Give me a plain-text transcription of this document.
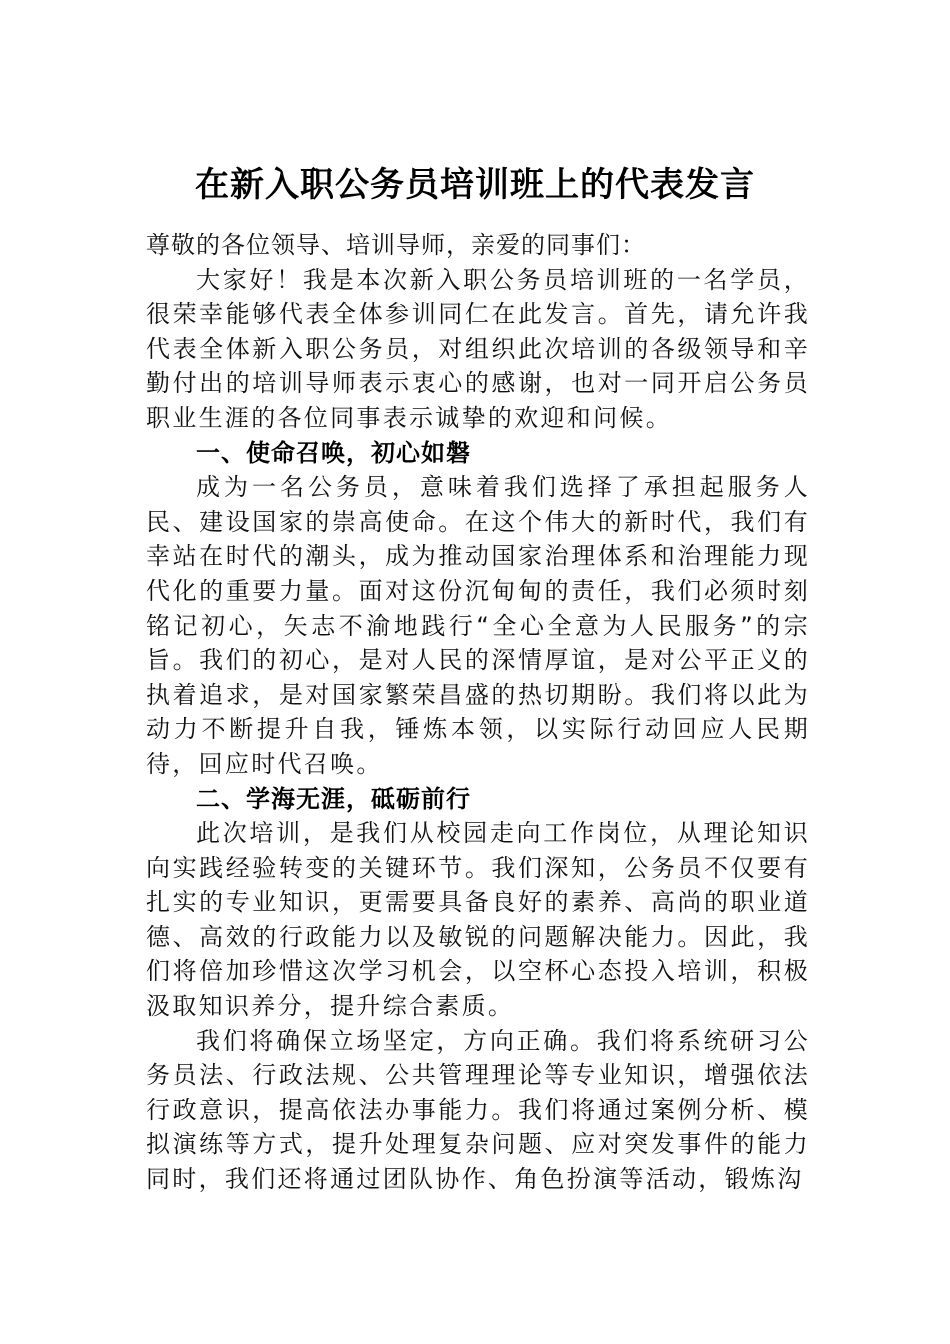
在新入职公务员培训班上的代表发言

尊敬的各位领导、培训导师，亲爱的同事们：

大家好！我是本次新入职公务员培训班的一名学员，很荣幸能够代表全体参训同仁在此发言。首先，请允许我代表全体新入职公务员，对组织此次培训的各级领导和辛勤付出的培训导师表示衷心的感谢，也对一同开启公务员职业生涯的各位同事表示诚挚的欢迎和问候。

一、使命召唤，初心如磐

成为一名公务员，意味着我们选择了承担起服务人民、建设国家的崇高使命。在这个伟大的新时代，我们有幸站在时代的潮头，成为推动国家治理体系和治理能力现代化的重要力量。面对这份沉甸甸的责任，我们必须时刻铭记初心，矢志不渝地践行“全心全意为人民服务”的宗旨。我们的初心，是对人民的深情厚谊，是对公平正义的执着追求，是对国家繁荣昌盛的热切期盼。我们将以此为动力不断提升自我，锤炼本领，以实际行动回应人民期待，回应时代召唤。

二、学海无涯，砥砺前行

此次培训，是我们从校园走向工作岗位，从理论知识向实践经验转变的关键环节。我们深知，公务员不仅要有扎实的专业知识，更需要具备良好的素养、高尚的职业道德、高效的行政能力以及敏锐的问题解决能力。因此，我们将倍加珍惜这次学习机会，以空杯心态投入培训，积极汲取知识养分，提升综合素质。

我们将确保立场坚定，方向正确。我们将系统研习公务员法、行政法规、公共管理理论等专业知识，增强依法行政意识，提高依法办事能力。我们将通过案例分析、模拟演练等方式，提升处理复杂问题、应对突发事件的能力同时，我们还将通过团队协作、角色扮演等活动，锻炼沟
